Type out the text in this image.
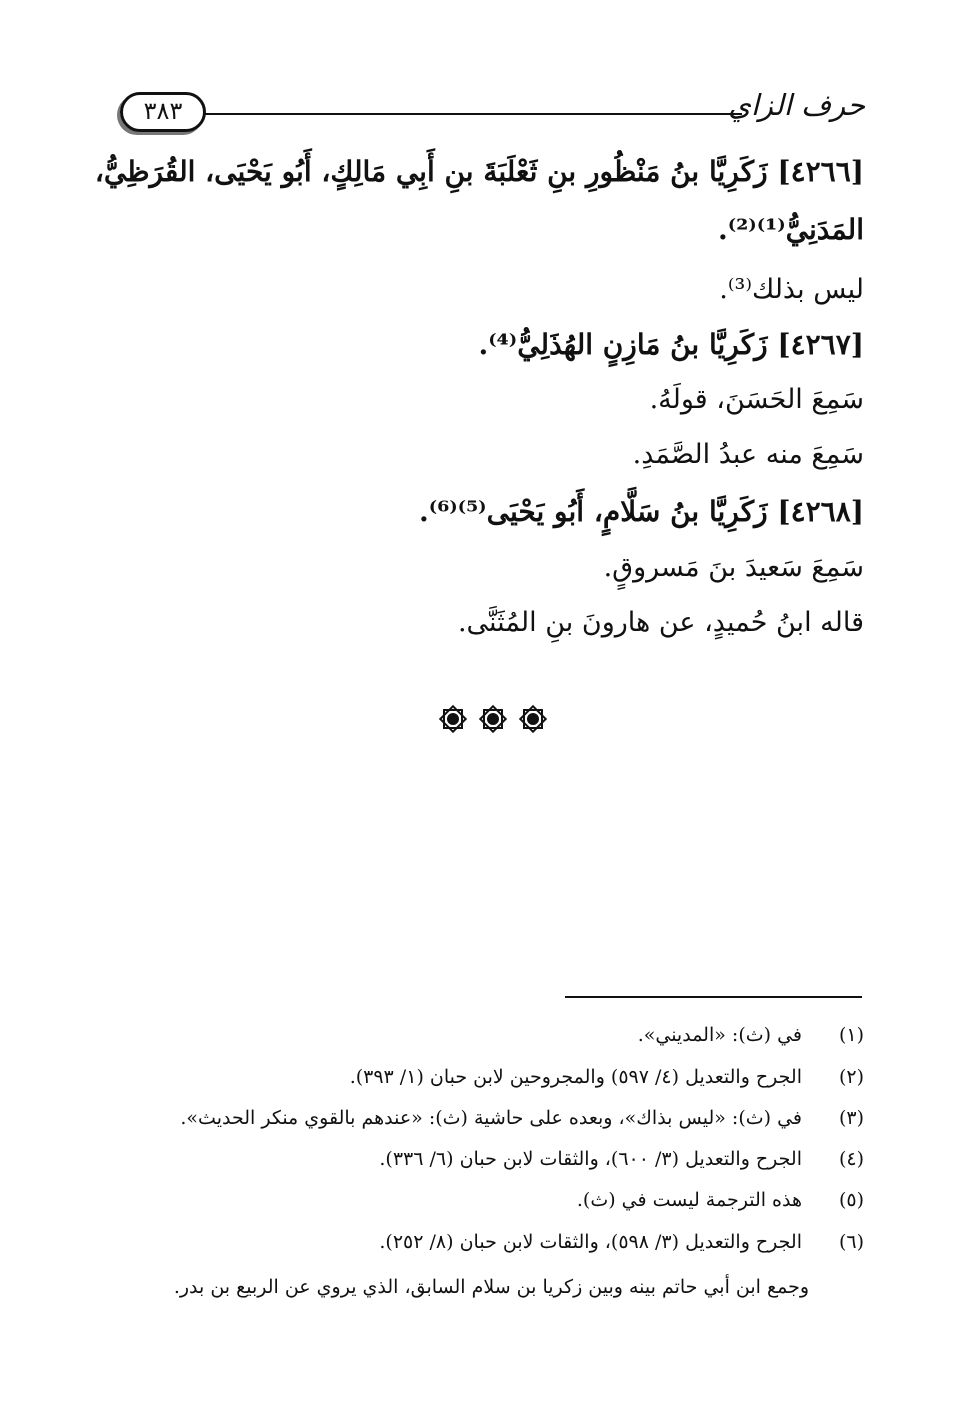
حرف الزاي
٣٨٣
[٤٢٦٦] زَكَرِيَّا بنُ مَنْظُورِ بنِ ثَعْلَبَةَ بنِ أَبِي مَالِكٍ، أَبُو يَحْيَى، القُرَظِيُّ،
المَدَنِيُّ⁽¹⁾⁽²⁾.
ليس بذلك⁽³⁾.
[٤٢٦٧] زَكَرِيَّا بنُ مَازِنٍ الهُذَلِيُّ⁽⁴⁾.
سَمِعَ الحَسَنَ، قولَهُ.
سَمِعَ منه عبدُ الصَّمَدِ.
[٤٢٦٨] زَكَرِيَّا بنُ سَلَّامٍ، أَبُو يَحْيَى⁽⁵⁾⁽⁶⁾.
سَمِعَ سَعيدَ بنَ مَسروقٍ.
قاله ابنُ حُميدٍ، عن هارونَ بنِ المُثَنَّى.
(١)
في (ث): «المديني».
(٢)
الجرح والتعديل (٤/ ٥٩٧) والمجروحين لابن حبان (١/ ٣٩٣).
(٣)
في (ث): «ليس بذاك»، وبعده على حاشية (ث): «عندهم بالقوي منكر الحديث».
(٤)
الجرح والتعديل (٣/ ٦٠٠)، والثقات لابن حبان (٦/ ٣٣٦).
(٥)
هذه الترجمة ليست في (ث).
(٦)
الجرح والتعديل (٣/ ٥٩٨)، والثقات لابن حبان (٨/ ٢٥٢).
وجمع ابن أبي حاتم بينه وبين زكريا بن سلام السابق، الذي يروي عن الربيع بن بدر.
